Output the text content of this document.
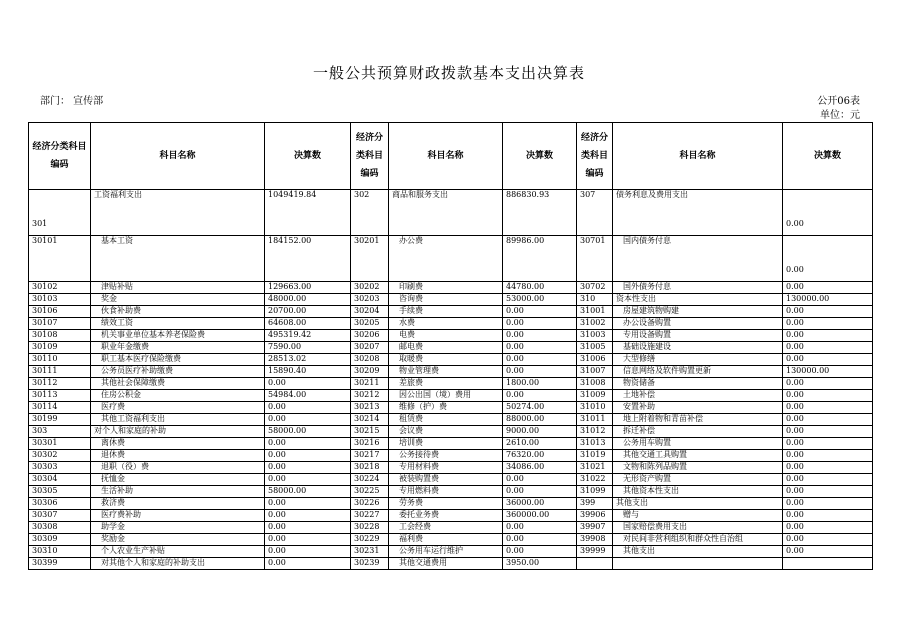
一般公共预算财政拨款基本支出决算表
部门： 宣传部	公开06表
单位：元
经济分类科目编码	科目名称	决算数	经济分类科目编码	科目名称	决算数	经济分类科目编码	科目名称	决算数
301	工资福利支出	1049419.84	302	商品和服务支出	886830.93	307	债务利息及费用支出	0.00
30101	基本工资	184152.00	30201	办公费	89986.00	30701	国内债务付息	0.00
30102	津贴补贴	129663.00	30202	印刷费	44780.00	30702	国外债务付息	0.00
30103	奖金	48000.00	30203	咨询费	53000.00	310	资本性支出	130000.00
30106	伙食补助费	20700.00	30204	手续费	0.00	31001	房屋建筑物购建	0.00
30107	绩效工资	64608.00	30205	水费	0.00	31002	办公设备购置	0.00
30108	机关事业单位基本养老保险费	495319.42	30206	电费	0.00	31003	专用设备购置	0.00
30109	职业年金缴费	7590.00	30207	邮电费	0.00	31005	基础设施建设	0.00
30110	职工基本医疗保险缴费	28513.02	30208	取暖费	0.00	31006	大型修缮	0.00
30111	公务员医疗补助缴费	15890.40	30209	物业管理费	0.00	31007	信息网络及软件购置更新	130000.00
30112	其他社会保障缴费	0.00	30211	差旅费	1800.00	31008	物资储备	0.00
30113	住房公积金	54984.00	30212	因公出国（境）费用	0.00	31009	土地补偿	0.00
30114	医疗费	0.00	30213	维修（护）费	50274.00	31010	安置补助	0.00
30199	其他工资福利支出	0.00	30214	租赁费	88000.00	31011	地上附着物和青苗补偿	0.00
303	对个人和家庭的补助	58000.00	30215	会议费	9000.00	31012	拆迁补偿	0.00
30301	离休费	0.00	30216	培训费	2610.00	31013	公务用车购置	0.00
30302	退休费	0.00	30217	公务接待费	76320.00	31019	其他交通工具购置	0.00
30303	退职（役）费	0.00	30218	专用材料费	34086.00	31021	文物和陈列品购置	0.00
30304	抚恤金	0.00	30224	被装购置费	0.00	31022	无形资产购置	0.00
30305	生活补助	58000.00	30225	专用燃料费	0.00	31099	其他资本性支出	0.00
30306	救济费	0.00	30226	劳务费	36000.00	399	其他支出	0.00
30307	医疗费补助	0.00	30227	委托业务费	360000.00	39906	赠与	0.00
30308	助学金	0.00	30228	工会经费	0.00	39907	国家赔偿费用支出	0.00
30309	奖励金	0.00	30229	福利费	0.00	39908	对民间非营利组织和群众性自治组	0.00
30310	个人农业生产补贴	0.00	30231	公务用车运行维护	0.00	39999	其他支出	0.00
30399	对其他个人和家庭的补助支出	0.00	30239	其他交通费用	3950.00			
